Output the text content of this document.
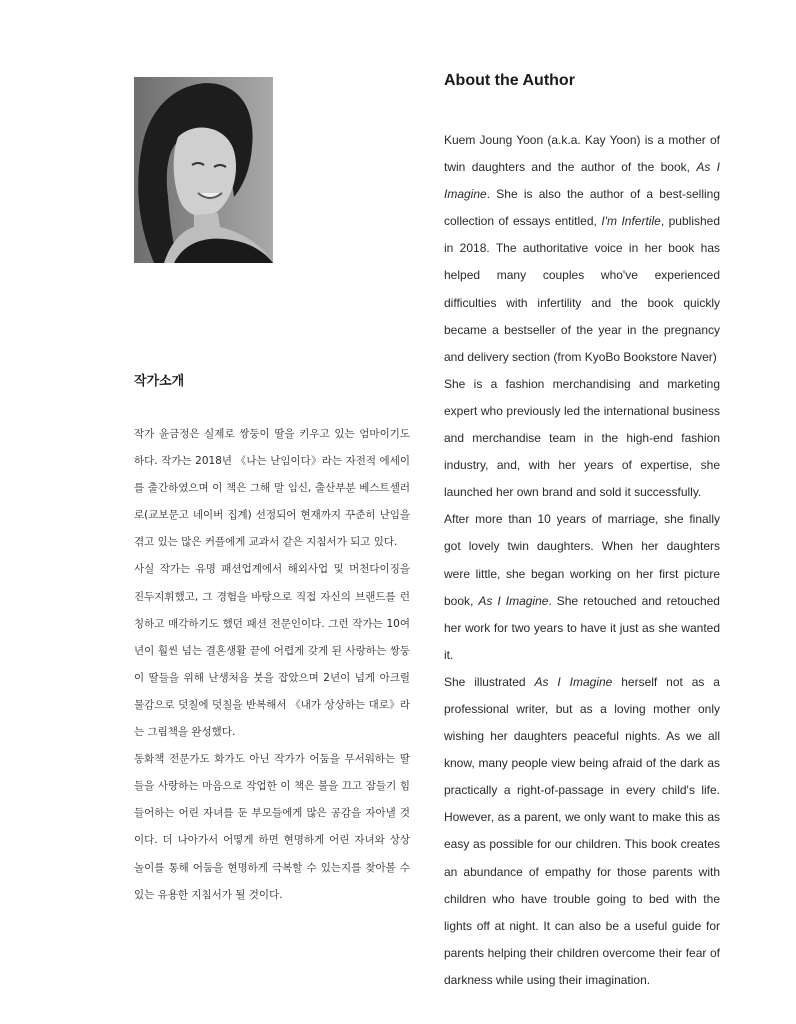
About the Author

Kuem Joung Yoon (a.k.a. Kay Yoon) is a mother of twin daughters and the author of the book, As I Imagine. She is also the author of a best-selling collection of essays entitled, I'm Infertile, published in 2018. The authoritative voice in her book has helped many couples who've experienced difficulties with infertility and the book quickly became a bestseller of the year in the pregnancy and delivery section (from KyoBo Bookstore Naver)

She is a fashion merchandising and marketing expert who previously led the international business and merchandise team in the high-end fashion industry, and, with her years of expertise, she launched her own brand and sold it successfully.

After more than 10 years of marriage, she finally got lovely twin daughters. When her daughters were little, she began working on her first picture book, As I Imagine. She retouched and retouched her work for two years to have it just as she wanted it.

She illustrated As I Imagine herself not as a professional writer, but as a loving mother only wishing her daughters peaceful nights. As we all know, many people view being afraid of the dark as practically a right-of-passage in every child's life. However, as a parent, we only want to make this as easy as possible for our children. This book creates an abundance of empathy for those parents with children who have trouble going to bed with the lights off at night. It can also be a useful guide for parents helping their children overcome their fear of darkness while using their imagination.

작가소개

작가 윤금정은 실제로 쌍둥이 딸을 키우고 있는 엄마이기도 하다. 작가는 2018년 《나는 난임이다》라는 자전적 에세이를 출간하였으며 이 책은 그해 말 임신, 출산부분 베스트셀러로(교보문고 네이버 집계) 선정되어 현재까지 꾸준히 난임을 겪고 있는 많은 커플에게 교과서 같은 지침서가 되고 있다.

사실 작가는 유명 패션업계에서 해외사업 및 머천다이징을 진두지휘했고, 그 경험을 바탕으로 직접 자신의 브랜드를 런칭하고 매각하기도 했던 패션 전문인이다. 그런 작가는 10여 년이 훨씬 넘는 결혼생활 끝에 어렵게 갖게 된 사랑하는 쌍둥이 딸들을 위해 난생처음 붓을 잡았으며 2년이 넘게 아크릴 물감으로 덧칠에 덧칠을 반복해서 《내가 상상하는 대로》라는 그림책을 완성했다.

동화책 전문가도 화가도 아닌 작가가 어둠을 무서워하는 딸들을 사랑하는 마음으로 작업한 이 책은 불을 끄고 잠들기 힘들어하는 어린 자녀를 둔 부모들에게 많은 공감을 자아낼 것이다. 더 나아가서 어떻게 하면 현명하게 어린 자녀와 상상 놀이를 통해 어둠을 현명하게 극복할 수 있는지를 찾아볼 수 있는 유용한 지침서가 될 것이다.
